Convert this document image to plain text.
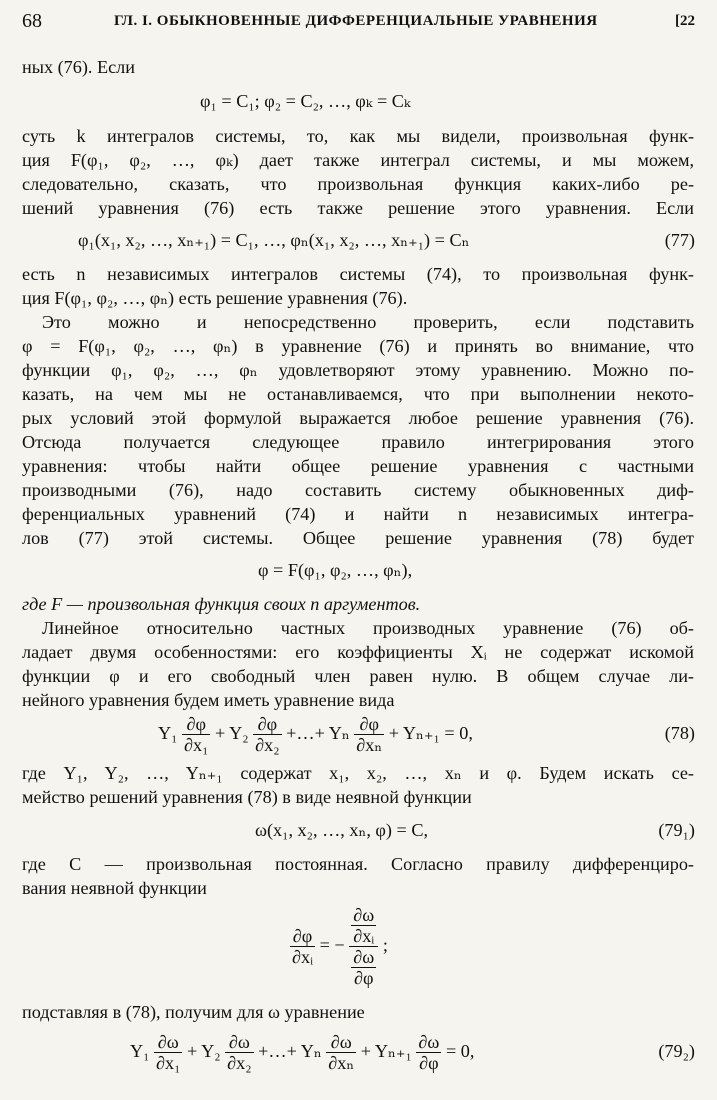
68	ГЛ. I. ОБЫКНОВЕННЫЕ ДИФФЕРЕНЦИАЛЬНЫЕ УРАВНЕНИЯ	[22
ных (76). Если
φ₁ = C₁; φ₂ = C₂, …, φₖ = Cₖ
суть k интегралов системы, то, как мы видели, произвольная функ-
ция F(φ₁, φ₂, …, φₖ) дает также интеграл системы, и мы можем,
следовательно, сказать, что произвольная функция каких-либо ре-
шений уравнения (76) есть также решение этого уравнения. Если
φ₁(x₁, x₂, …, xₙ₊₁) = C₁, …, φₙ(x₁, x₂, …, xₙ₊₁) = Cₙ	(77)
есть n независимых интегралов системы (74), то произвольная функ-
ция F(φ₁, φ₂, …, φₙ) есть решение уравнения (76).
Это можно и непосредственно проверить, если подставить
φ = F(φ₁, φ₂, …, φₙ) в уравнение (76) и принять во внимание, что
функции φ₁, φ₂, …, φₙ удовлетворяют этому уравнению. Можно по-
казать, на чем мы не останавливаемся, что при выполнении некото-
рых условий этой формулой выражается любое решение уравнения (76).
Отсюда получается следующее правило интегрирования этого
уравнения: чтобы найти общее решение уравнения с частными
производными (76), надо составить систему обыкновенных диф-
ференциальных уравнений (74) и найти n независимых интегра-
лов (77) этой системы. Общее решение уравнения (78) будет
φ = F(φ₁, φ₂, …, φₙ),
где F — произвольная функция своих n аргументов.
Линейное относительно частных производных уравнение (76) об-
ладает двумя особенностями: его коэффициенты Xᵢ не содержат искомой
функции φ и его свободный член равен нулю. В общем случае ли-
нейного уравнения будем иметь уравнение вида
$Y_1 \frac{\partial\varphi}{\text{∂x₁}} + Y_2 \frac{\partial\varphi}{\text{∂x₂}}$ +…+ Yₙ $\frac{\partial\varphi}{\text{∂xₙ}} + Y_{n+1} = 0$,	(78)
где Y₁, Y₂, …, Yₙ₊₁ содержат x₁, x₂, …, xₙ и φ. Будем искать се-
мейство решений уравнения (78) в виде неявной функции
ω(x₁, x₂, …, xₙ, φ) = C,	(79₁)
где C — произвольная постоянная. Согласно правилу дифференциро-
вания неявной функции
$\frac{\partial\varphi}{\text{∂xᵢ}}$ = − $\frac{\frac{\partial\omega}{\text{∂xᵢ}}}{\frac{\partial\omega}{\partial\varphi}}$ ;
подставляя в (78), получим для ω уравнение
$Y_1 \frac{\partial\omega}{\text{∂x₁}} + Y_2 \frac{\partial\omega}{\text{∂x₂}}$ +…+ Yₙ $\frac{\partial\omega}{\text{∂xₙ}} + Y_{n+1} \frac{\partial\omega}{\partial\varphi} = 0$,	(79₂)
